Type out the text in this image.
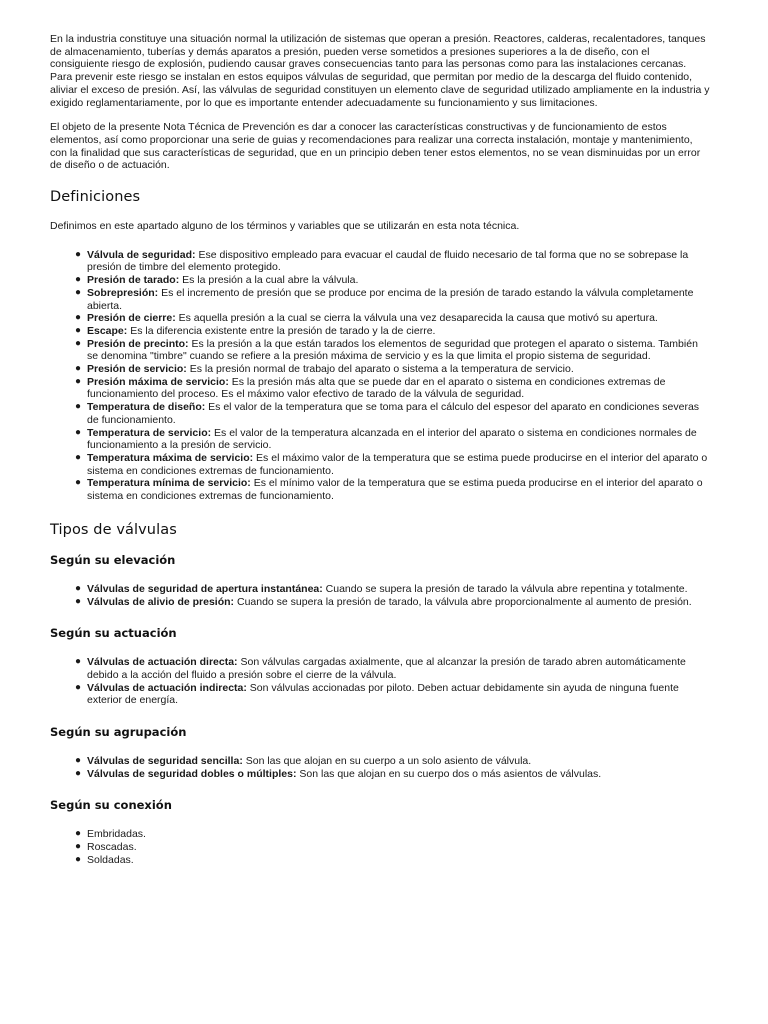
En la industria constituye una situación normal la utilización de sistemas que operan a presión. Reactores, calderas, recalentadores, tanques de almacenamiento, tuberías y demás aparatos a presión, pueden verse sometidos a presiones superiores a la de diseño, con el consiguiente riesgo de explosión, pudiendo causar graves consecuencias tanto para las personas como para las instalaciones cercanas. Para prevenir este riesgo se instalan en estos equipos válvulas de seguridad, que permitan por medio de la descarga del fluido contenido, aliviar el exceso de presión. Así, las válvulas de seguridad constituyen un elemento clave de seguridad utilizado ampliamente en la industria y exigido reglamentariamente, por lo que es importante entender adecuadamente su funcionamiento y sus limitaciones.

El objeto de la presente Nota Técnica de Prevención es dar a conocer las características constructivas y de funcionamiento de estos elementos, así como proporcionar una serie de guias y recomendaciones para realizar una correcta instalación, montaje y mantenimiento, con la finalidad que sus características de seguridad, que en un principio deben tener estos elementos, no se vean disminuidas por un error de diseño o de actuación.

Definiciones

Definimos en este apartado alguno de los términos y variables que se utilizarán en esta nota técnica.

● Válvula de seguridad: Ese dispositivo empleado para evacuar el caudal de fluido necesario de tal forma que no se sobrepase la presión de timbre del elemento protegido.
● Presión de tarado: Es la presión a la cual abre la válvula.
● Sobrepresión: Es el incremento de presión que se produce por encima de la presión de tarado estando la válvula completamente abierta.
● Presión de cierre: Es aquella presión a la cual se cierra la válvula una vez desaparecida la causa que motivó su apertura.
● Escape: Es la diferencia existente entre la presión de tarado y la de cierre.
● Presión de precinto: Es la presión a la que están tarados los elementos de seguridad que protegen el aparato o sistema. También se denomina "timbre" cuando se refiere a la presión máxima de servicio y es la que limita el propio sistema de seguridad.
● Presión de servicio: Es la presión normal de trabajo del aparato o sistema a la temperatura de servicio.
● Presión máxima de servicio: Es la presión más alta que se puede dar en el aparato o sistema en condiciones extremas de funcionamiento del proceso. Es el máximo valor efectivo de tarado de la válvula de seguridad.
● Temperatura de diseño: Es el valor de la temperatura que se toma para el cálculo del espesor del aparato en condiciones severas de funcionamiento.
● Temperatura de servicio: Es el valor de la temperatura alcanzada en el interior del aparato o sistema en condiciones normales de funcionamiento a la presión de servicio.
● Temperatura máxima de servicio: Es el máximo valor de la temperatura que se estima puede producirse en el interior del aparato o sistema en condiciones extremas de funcionamiento.
● Temperatura mínima de servicio: Es el mínimo valor de la temperatura que se estima pueda producirse en el interior del aparato o sistema en condiciones extremas de funcionamiento.
Tipos de válvulas
Según su elevación
● Válvulas de seguridad de apertura instantánea: Cuando se supera la presión de tarado la válvula abre repentina y totalmente.
● Válvulas de alivio de presión: Cuando se supera la presión de tarado, la válvula abre proporcionalmente al aumento de presión.
Según su actuación
● Válvulas de actuación directa: Son válvulas cargadas axialmente, que al alcanzar la presión de tarado abren automáticamente debido a la acción del fluido a presión sobre el cierre de la válvula.
● Válvulas de actuación indirecta: Son válvulas accionadas por piloto. Deben actuar debidamente sin ayuda de ninguna fuente exterior de energía.
Según su agrupación
● Válvulas de seguridad sencilla: Son las que alojan en su cuerpo a un solo asiento de válvula.
● Válvulas de seguridad dobles o múltiples: Son las que alojan en su cuerpo dos o más asientos de válvulas.
Según su conexión
● Embridadas.
● Roscadas.
● Soldadas.
